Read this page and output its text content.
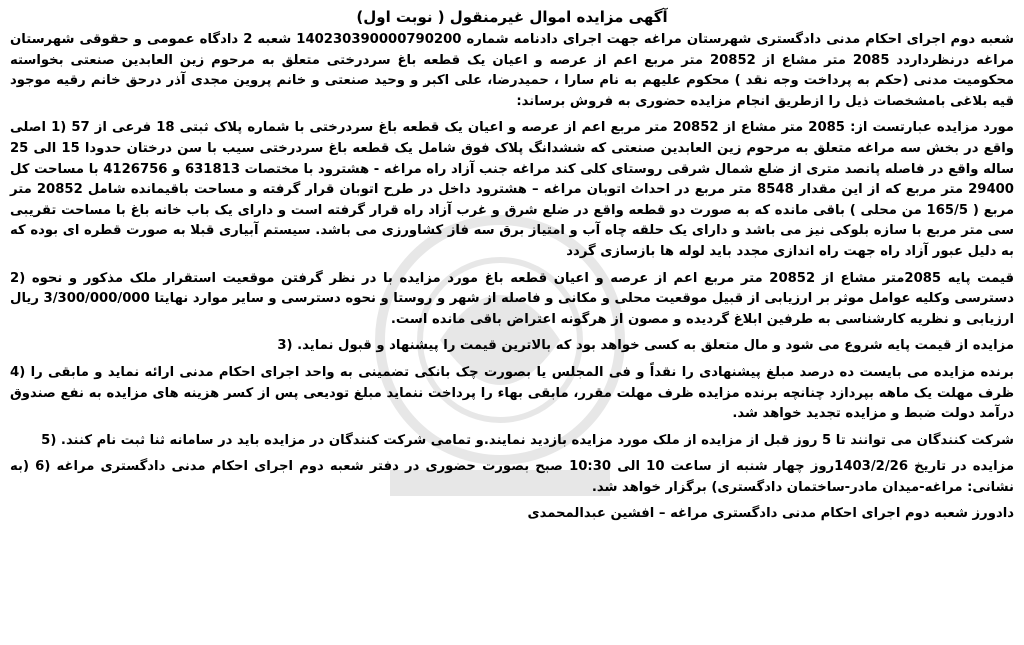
آگهی مزایده اموال غیرمنقول ( نوبت اول)

شعبه دوم اجرای احکام مدنی دادگستری شهرستان مراغه جهت اجرای دادنامه شماره 140230390000790200 شعبه 2 دادگاه عمومی و حقوقی شهرستان مراغه درنظرداردد 2085 متر مشاع از 20852 متر مربع اعم از عرصه و اعیان یک قطعه باغ سردرختی متعلق به مرحوم زین العابدین صنعتی بخواسته محکومیت مدنی (حکم به پرداخت وجه نقد ) محکوم علیهم به نام سارا ، حمیدرضا، علی اکبر و وحید صنعتی و خانم پروین مجدی آذر درحق خانم رقیه موجود قیه بلاغی بامشخصات ذیل را ازطریق انجام مزایده حضوری به فروش برساند:

مورد مزایده عبارتست از: 2085 متر مشاع از 20852 متر مربع اعم از عرصه و اعیان یک قطعه باغ سردرختی با شماره پلاک ثبتی 18 فرعی از 57 (1 اصلی واقع در بخش سه مراغه متعلق به مرحوم زین العابدین صنعتی که ششدانگ پلاک فوق شامل یک قطعه باغ سردرختی سیب با سن درختان حدودا 15 الی 25 ساله واقع در فاصله پانصد متری از ضلع شمال شرقی روستای کلی کند مراغه جنب آزاد راه مراغه - هشترود با مختصات 631813 و 4126756 با مساحت کل 29400 متر مربع که از این مقدار 8548 متر مربع در احداث اتوبان مراغه – هشترود داخل در طرح اتوبان قرار گرفته و مساحت باقیمانده شامل 20852 متر مربع ( 165/5 من محلی ) باقی مانده که به صورت دو قطعه واقع در ضلع شرق و غرب آزاد راه قرار گرفته است و دارای یک باب خانه باغ با مساحت تقریبی سی متر مربع با سازه بلوکی نیز می باشد و دارای یک حلقه چاه آب و امتیاز برق سه فاز کشاورزی می باشد. سیستم آبیاری قبلا به صورت قطره ای بوده که به دلیل عبور آزاد راه جهت راه اندازی مجدد باید لوله ها بازسازی گردد

قیمت پایه 2085متر مشاع از 20852 متر مربع اعم از عرصه و اعیان قطعه باغ مورد مزایده با در نظر گرفتن موقعیت استقرار ملک مذکور و نحوه (2 دسترسی وکلیه عوامل موثر بر ارزیابی از قبیل موقعیت محلی و مکانی و فاصله از شهر و روستا و نحوه دسترسی و سایر موارد نهایتا 3/300/000/000 ریال ارزیابی و نظریه کارشناسی به طرفین ابلاغ گردیده و مصون از هرگونه اعتراض باقی مانده است.

مزایده از قیمت پایه شروع می شود و مال متعلق به کسی خواهد بود که بالاترین قیمت را پیشنهاد و قبول نماید. (3

برنده مزایده می بایست ده درصد مبلغ پیشنهادی را نقداً و فی المجلس یا بصورت چک بانکی تضمینی به واحد اجرای احکام مدنی ارائه نماید و مابقی را (4 ظرف مهلت یک ماهه بپردازد چنانچه برنده مزایده ظرف مهلت مقرر، مابقی بهاء را پرداخت ننماید مبلغ تودیعی پس از کسر هزینه های مزایده به نفع صندوق درآمد دولت ضبط و مزایده تجدید خواهد شد.

شرکت کنندگان می توانند تا 5 روز قبل از مزایده از ملک مورد مزایده بازدید نمایند.و تمامی شرکت کنندگان در مزایده باید در سامانه ثنا ثبت نام کنند. (5

مزایده در تاریخ 1403/2/26روز چهار شنبه از ساعت 10 الی 10:30 صبح بصورت حضوری در دفتر شعبه دوم اجرای احکام مدنی دادگستری مراغه (6 (به نشانی: مراغه-میدان مادر-ساختمان دادگستری) برگزار خواهد شد.

دادورز شعبه دوم اجرای احکام مدنی دادگستری مراغه – افشین عبدالمحمدی
